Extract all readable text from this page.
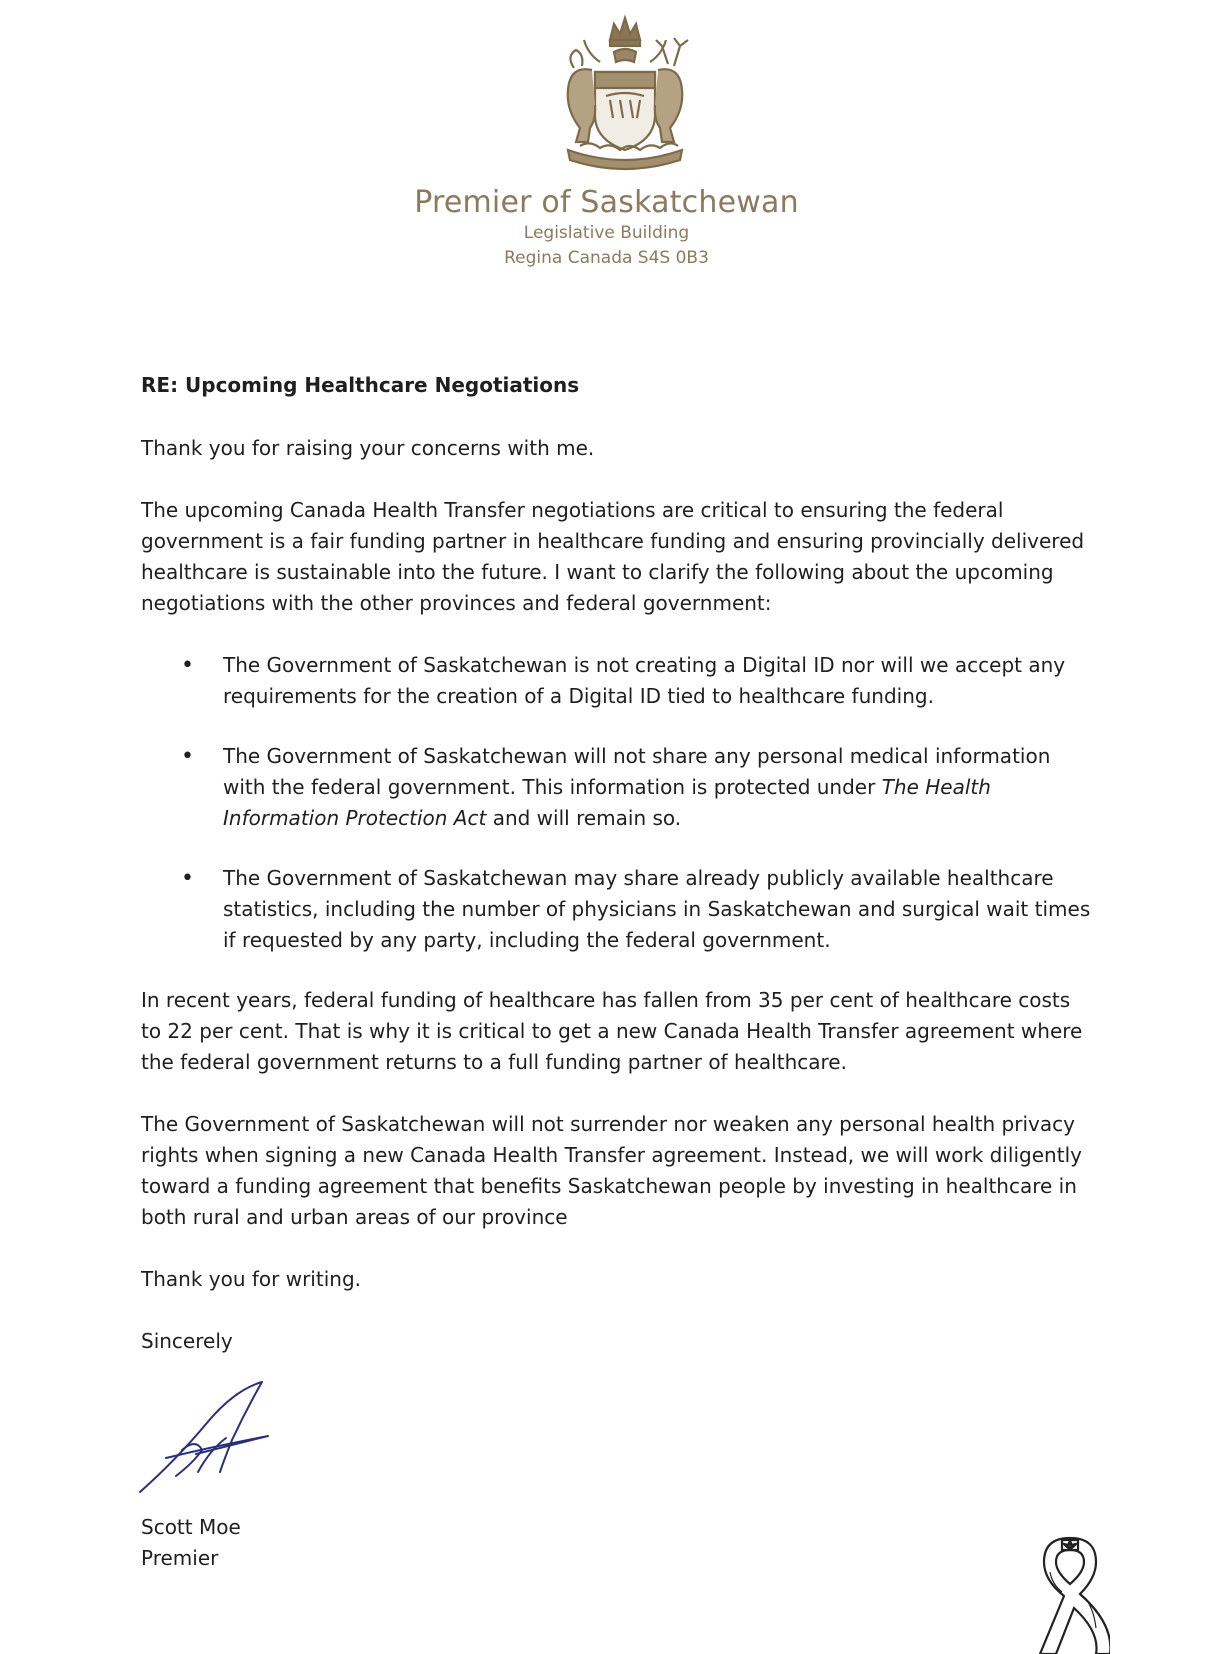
Premier of Saskatchewan
Legislative Building
Regina Canada S4S 0B3

RE: Upcoming Healthcare Negotiations

Thank you for raising your concerns with me.

The upcoming Canada Health Transfer negotiations are critical to ensuring the federal government is a fair funding partner in healthcare funding and ensuring provincially delivered healthcare is sustainable into the future. I want to clarify the following about the upcoming negotiations with the other provinces and federal government:

• The Government of Saskatchewan is not creating a Digital ID nor will we accept any requirements for the creation of a Digital ID tied to healthcare funding.
• The Government of Saskatchewan will not share any personal medical information with the federal government. This information is protected under The Health Information Protection Act and will remain so.
• The Government of Saskatchewan may share already publicly available healthcare statistics, including the number of physicians in Saskatchewan and surgical wait times if requested by any party, including the federal government.

In recent years, federal funding of healthcare has fallen from 35 per cent of healthcare costs to 22 per cent. That is why it is critical to get a new Canada Health Transfer agreement where the federal government returns to a full funding partner of healthcare.

The Government of Saskatchewan will not surrender nor weaken any personal health privacy rights when signing a new Canada Health Transfer agreement. Instead, we will work diligently toward a funding agreement that benefits Saskatchewan people by investing in healthcare in both rural and urban areas of our province

Thank you for writing.

Sincerely

Scott Moe
Premier
